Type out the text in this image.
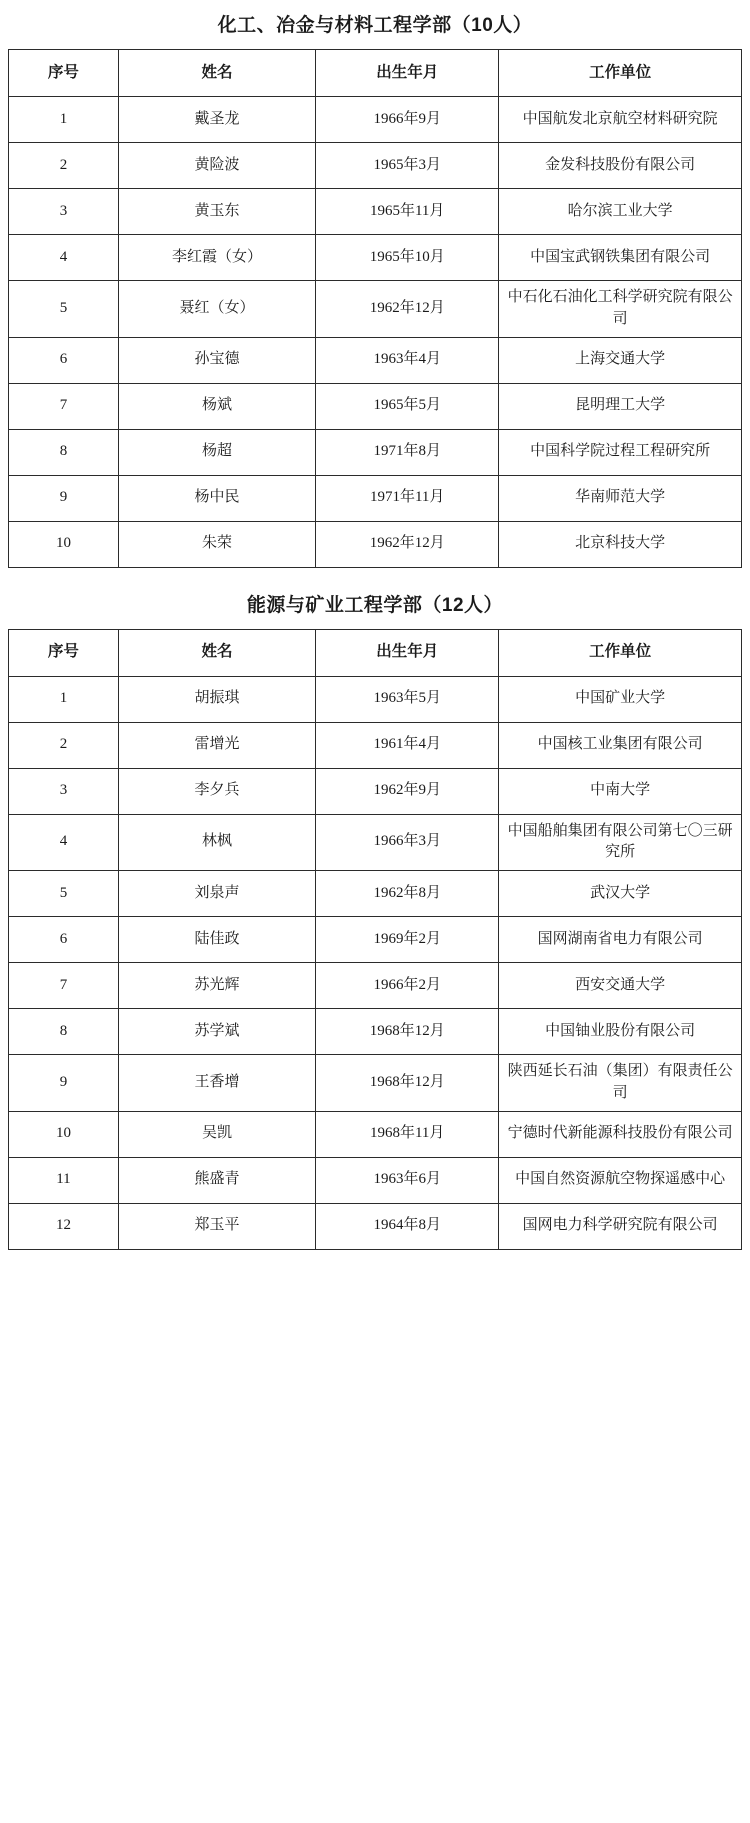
化工、冶金与材料工程学部（10人）
序号	姓名	出生年月	工作单位
1	戴圣龙	1966年9月	中国航发北京航空材料研究院
2	黄险波	1965年3月	金发科技股份有限公司
3	黄玉东	1965年11月	哈尔滨工业大学
4	李红霞（女）	1965年10月	中国宝武钢铁集团有限公司
5	聂红（女）	1962年12月	中石化石油化工科学研究院有限公司
6	孙宝德	1963年4月	上海交通大学
7	杨斌	1965年5月	昆明理工大学
8	杨超	1971年8月	中国科学院过程工程研究所
9	杨中民	1971年11月	华南师范大学
10	朱荣	1962年12月	北京科技大学
能源与矿业工程学部（12人）
序号	姓名	出生年月	工作单位
1	胡振琪	1963年5月	中国矿业大学
2	雷增光	1961年4月	中国核工业集团有限公司
3	李夕兵	1962年9月	中南大学
4	林枫	1966年3月	中国船舶集团有限公司第七〇三研究所
5	刘泉声	1962年8月	武汉大学
6	陆佳政	1969年2月	国网湖南省电力有限公司
7	苏光辉	1966年2月	西安交通大学
8	苏学斌	1968年12月	中国铀业股份有限公司
9	王香增	1968年12月	陕西延长石油（集团）有限责任公司
10	吴凯	1968年11月	宁德时代新能源科技股份有限公司
11	熊盛青	1963年6月	中国自然资源航空物探遥感中心
12	郑玉平	1964年8月	国网电力科学研究院有限公司
